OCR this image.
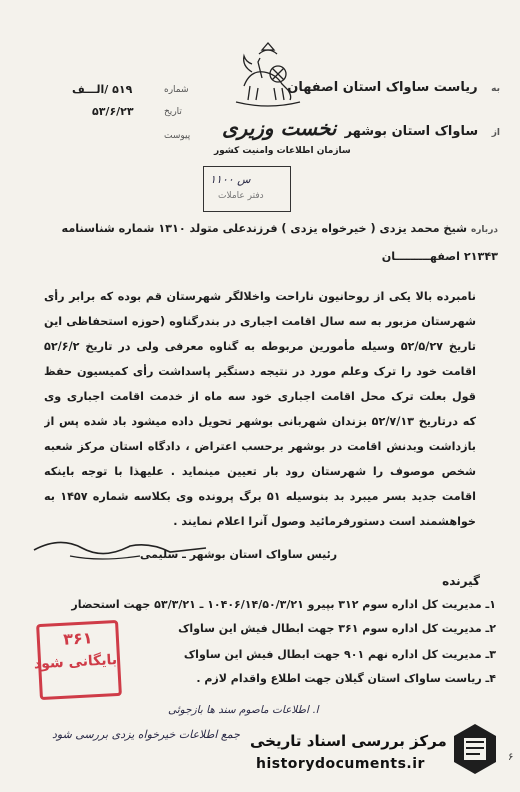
به   ریاست ساواک استان اصفهان
از   ساواک استان بوشهر
نخست وزیری
سازمان اطلاعات وامنیت کشور
س ۱۱۰۰
دفتر عاملات
۵۱۹ /الـــف	شماره
۵۳/۶/۲۳	تاریخ
پیوست
درباره شیخ محمد یزدی ( خیرخواه یزدی ) فرزندعلی متولد ۱۳۱۰ شماره شناسنامه
۲۱۳۴۳ اصفهـــــــــان
نامبرده بالا یکی از روحانیون ناراحت واخلالگر شهرستان قم بوده که برابر رأی
شهرستان مزبور به سه سال اقامت اجباری در بندرگناوه (حوزه استحفاظی این
تاریخ ۵۲/۵/۲۷ وسیله مأمورین مربوطه به گناوه معرفی ولی در تاریخ ۵۲/۶/۲
اقامت خود را ترک وعلم مورد در نتیجه دستگیر پاسداشت رأی کمیسیون حفظ
قول بعلت ترک محل اقامت اجباری خود سه ماه از خدمت اقامت اجباری وی
که درتاریخ ۵۲/۷/۱۳ بزندان شهربانی بوشهر تحویل داده میشود باد شده پس از
بازداشت وبدنش اقامت در بوشهر برحسب اعتراض ، دادگاه استان مرکز شعبه
شخص موصوف را شهرستان رود بار تعیین مینماید . علیهذا با توجه باینکه
اقامت جدید بسر میبرد بد بنوسیله ۵۱ برگ پرونده وی بکلاسه شماره ۱۴۵۷ به
خواهشمند است دستورفرمائید وصول آنرا اعلام نمایند .
رئیس ساواک استان بوشهر ـ سلیمی
گیرنده
۱ـ مدیریت کل اداره سوم ۳۱۲ بپیرو ۱۰۴۰۶/۱۴/۵۰/۳/۲۱ ـ ۵۳/۳/۲۱ جهت استحضار
۲ـ مدیریت کل اداره سوم ۳۶۱ جهت ابطال فیش این ساواک
۳ـ مدیریت کل اداره نهم ۹۰۱ جهت ابطال فیش این ساواک
۴ـ ریاست ساواک استان گیلان جهت اطلاع واقدام لازم .
۳۶۱
بایگانی شود
ا. اطلاعات ماصوم سند ها بازجوئی
جمع اطلاعات خیرخواه یزدی بررسی شود مرکز بررسی اسناد تاریخی
historydocuments.ir	۶
